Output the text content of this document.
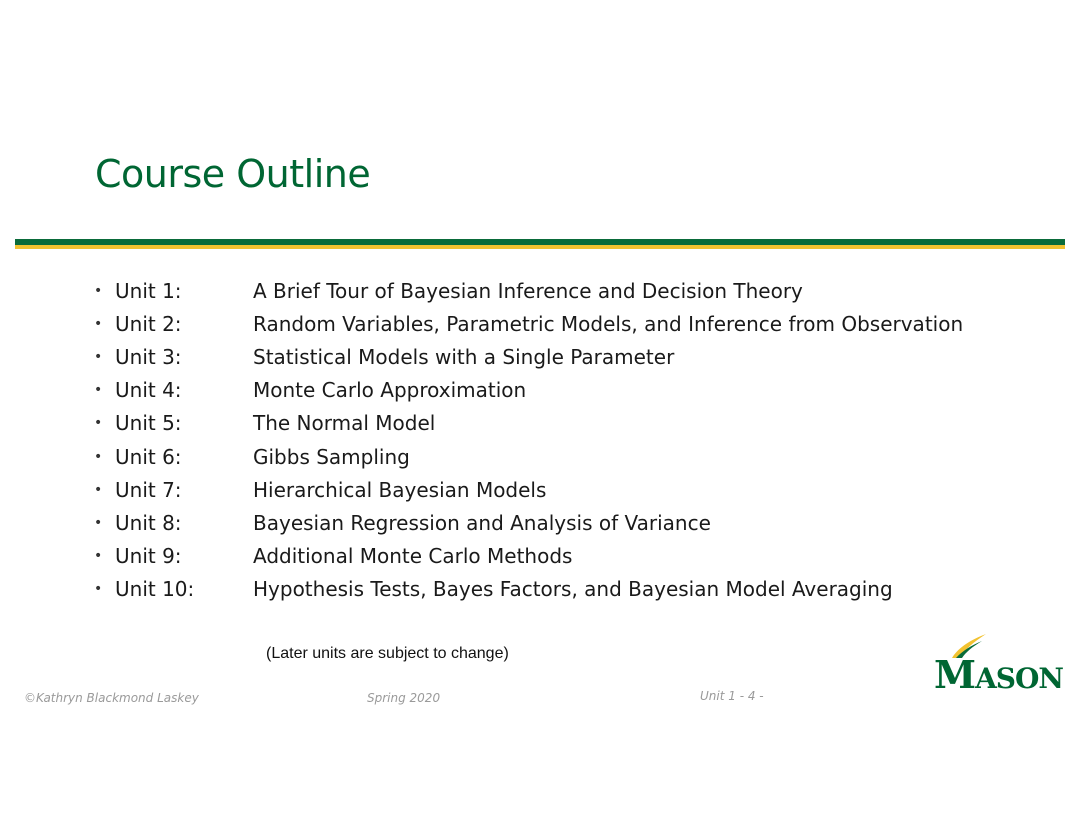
Course Outline
• Unit 1:	A Brief Tour of Bayesian Inference and Decision Theory
• Unit 2:	Random Variables, Parametric Models, and Inference from Observation
• Unit 3:	Statistical Models with a Single Parameter
• Unit 4:	Monte Carlo Approximation
• Unit 5:	The Normal Model
• Unit 6:	Gibbs Sampling
• Unit 7:	Hierarchical Bayesian Models
• Unit 8:	Bayesian Regression and Analysis of Variance
• Unit 9:	Additional Monte Carlo Methods
• Unit 10:	Hypothesis Tests, Bayes Factors, and Bayesian Model Averaging
(Later units are subject to change)
©Kathryn Blackmond Laskey	Spring 2020	Unit 1 - 4 -	MASON
